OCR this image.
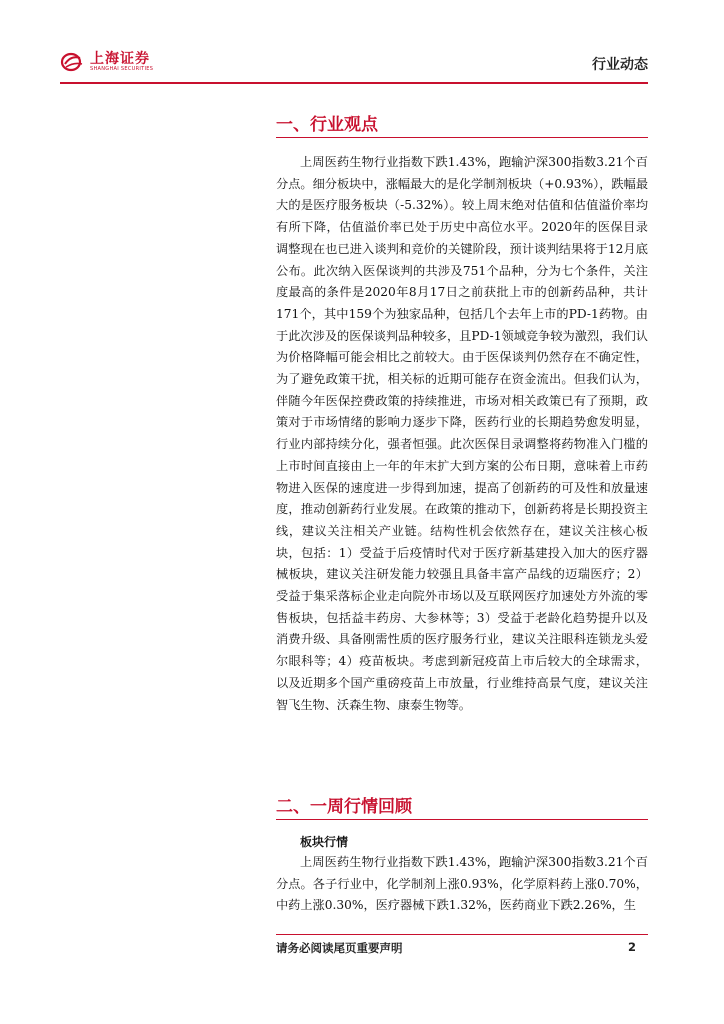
上海证券
SHANGHAI SECURITIES	行业动态
一、行业观点

上周医药生物行业指数下跌1.43%，跑输沪深300指数3.21个百分点。细分板块中，涨幅最大的是化学制剂板块（+0.93%），跌幅最大的是医疗服务板块（-5.32%）。较上周末绝对估值和估值溢价率均有所下降，估值溢价率已处于历史中高位水平。2020年的医保目录调整现在也已进入谈判和竞价的关键阶段，预计谈判结果将于12月底公布。此次纳入医保谈判的共涉及751个品种，分为七个条件，关注度最高的条件是2020年8月17日之前获批上市的创新药品种，共计171个，其中159个为独家品种，包括几个去年上市的PD-1药物。由于此次涉及的医保谈判品种较多，且PD-1领域竞争较为激烈，我们认为价格降幅可能会相比之前较大。由于医保谈判仍然存在不确定性，为了避免政策干扰，相关标的近期可能存在资金流出。但我们认为，伴随今年医保控费政策的持续推进，市场对相关政策已有了预期，政策对于市场情绪的影响力逐步下降，医药行业的长期趋势愈发明显，行业内部持续分化，强者恒强。此次医保目录调整将药物准入门槛的上市时间直接由上一年的年末扩大到方案的公布日期，意味着上市药物进入医保的速度进一步得到加速，提高了创新药的可及性和放量速度，推动创新药行业发展。在政策的推动下，创新药将是长期投资主线，建议关注相关产业链。结构性机会依然存在，建议关注核心板块，包括：1）受益于后疫情时代对于医疗新基建投入加大的医疗器械板块，建议关注研发能力较强且具备丰富产品线的迈瑞医疗；2）受益于集采落标企业走向院外市场以及互联网医疗加速处方外流的零售板块，包括益丰药房、大参林等；3）受益于老龄化趋势提升以及消费升级、具备刚需性质的医疗服务行业，建议关注眼科连锁龙头爱尔眼科等；4）疫苗板块。考虑到新冠疫苗上市后较大的全球需求，以及近期多个国产重磅疫苗上市放量，行业维持高景气度，建议关注智飞生物、沃森生物、康泰生物等。

二、一周行情回顾
板块行情

上周医药生物行业指数下跌1.43%，跑输沪深300指数3.21个百分点。各子行业中，化学制剂上涨0.93%，化学原料药上涨0.70%，中药上涨0.30%，医疗器械下跌1.32%，医药商业下跌2.26%，生

请务必阅读尾页重要声明	2
